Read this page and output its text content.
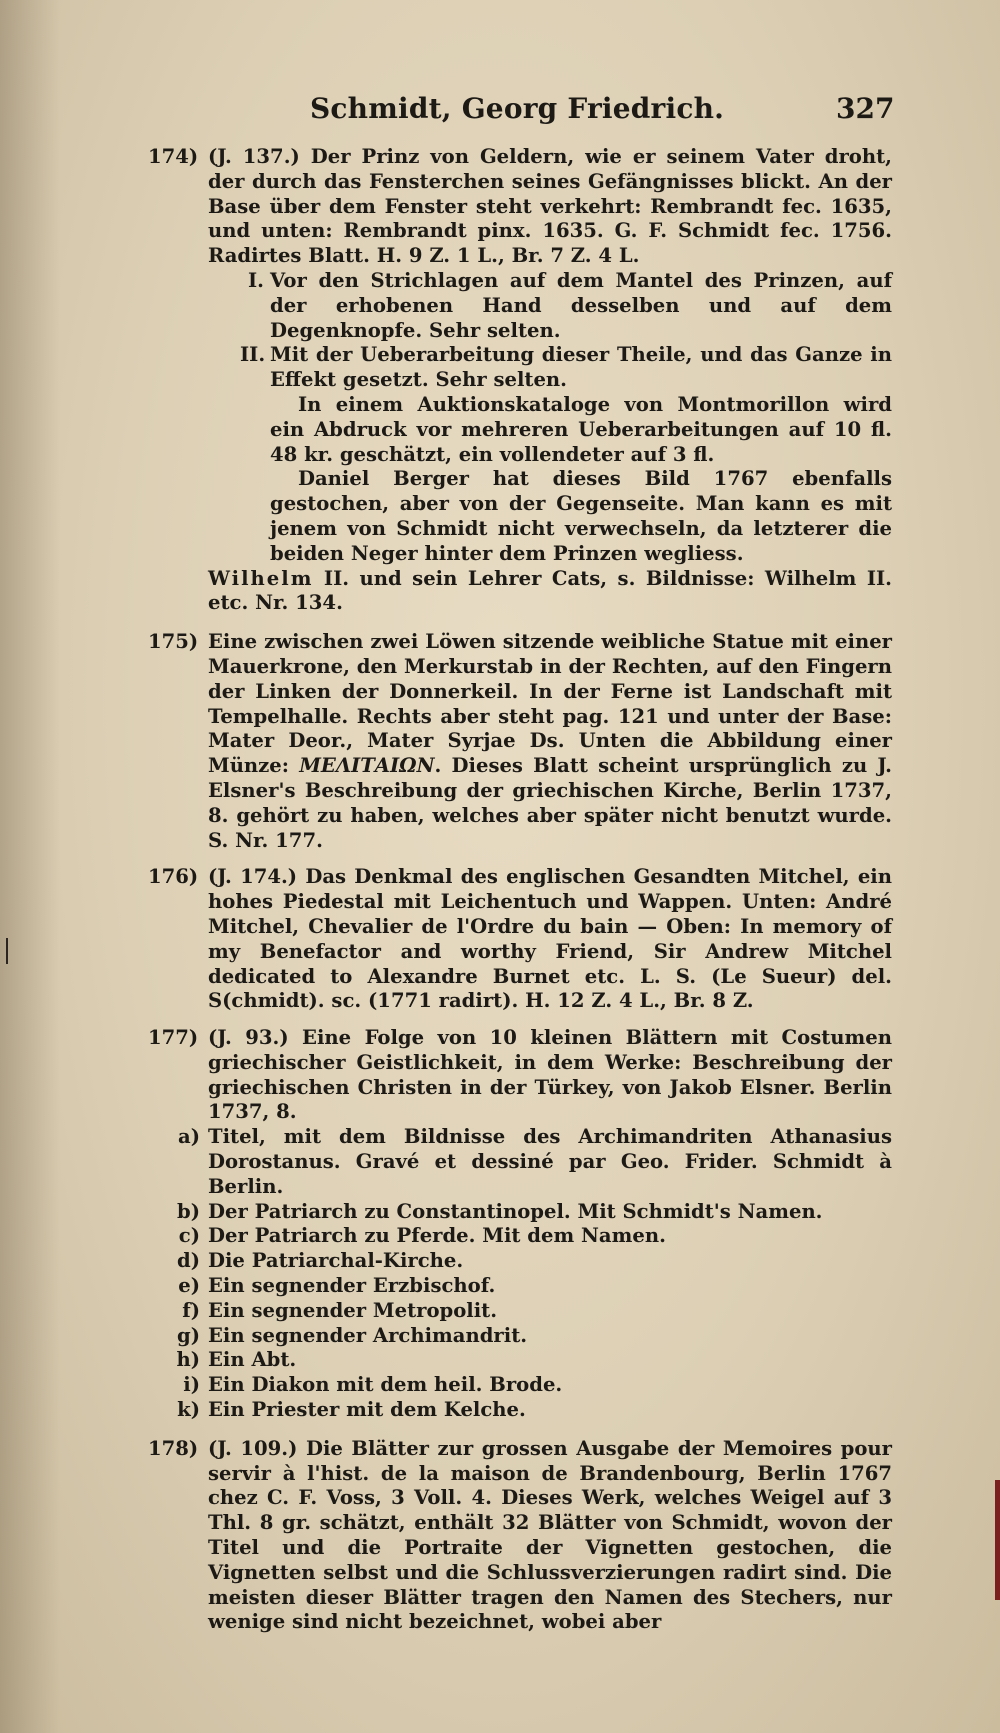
Schmidt, Georg Friedrich.	327
174) (J. 137.) Der Prinz von Geldern, wie er seinem Vater droht, der durch das Fensterchen seines Gefängnisses blickt. An der Base über dem Fenster steht verkehrt: Rembrandt fec. 1635, und unten: Rembrandt pinx. 1635. G. F. Schmidt fec. 1756. Radirtes Blatt. H. 9 Z. 1 L., Br. 7 Z. 4 L.
I. Vor den Strichlagen auf dem Mantel des Prinzen, auf der erhobenen Hand desselben und auf dem Degenknopfe. Sehr selten.
II. Mit der Ueberarbeitung dieser Theile, und das Ganze in Effekt gesetzt. Sehr selten.
In einem Auktionskataloge von Montmorillon wird ein Abdruck vor mehreren Ueberarbeitungen auf 10 fl. 48 kr. geschätzt, ein vollendeter auf 3 fl.
Daniel Berger hat dieses Bild 1767 ebenfalls gestochen, aber von der Gegenseite. Man kann es mit jenem von Schmidt nicht verwechseln, da letzterer die beiden Neger hinter dem Prinzen wegliess.
Wilhelm II. und sein Lehrer Cats, s. Bildnisse: Wilhelm II. etc. Nr. 134.
175) Eine zwischen zwei Löwen sitzende weibliche Statue mit einer Mauerkrone, den Merkurstab in der Rechten, auf den Fingern der Linken der Donnerkeil. In der Ferne ist Landschaft mit Tempelhalle. Rechts aber steht pag. 121 und unter der Base: Mater Deor., Mater Syrjae Ds. Unten die Abbildung einer Münze: ΜΕΛΙΤΑΙΩΝ. Dieses Blatt scheint ursprünglich zu J. Elsner's Beschreibung der griechischen Kirche, Berlin 1737, 8. gehört zu haben, welches aber später nicht benutzt wurde. S. Nr. 177.
176) (J. 174.) Das Denkmal des englischen Gesandten Mitchel, ein hohes Piedestal mit Leichentuch und Wappen. Unten: André Mitchel, Chevalier de l'Ordre du bain — Oben: In memory of my Benefactor and worthy Friend, Sir Andrew Mitchel dedicated to Alexandre Burnet etc. L. S. (Le Sueur) del. S(chmidt). sc. (1771 radirt). H. 12 Z. 4 L., Br. 8 Z.
177) (J. 93.) Eine Folge von 10 kleinen Blättern mit Costumen griechischer Geistlichkeit, in dem Werke: Beschreibung der griechischen Christen in der Türkey, von Jakob Elsner. Berlin 1737, 8.
a) Titel, mit dem Bildnisse des Archimandriten Athanasius Dorostanus. Gravé et dessiné par Geo. Frider. Schmidt à Berlin.
b) Der Patriarch zu Constantinopel. Mit Schmidt's Namen.
c) Der Patriarch zu Pferde. Mit dem Namen.
d) Die Patriarchal-Kirche.
e) Ein segnender Erzbischof.
f) Ein segnender Metropolit.
g) Ein segnender Archimandrit.
h) Ein Abt.
i) Ein Diakon mit dem heil. Brode.
k) Ein Priester mit dem Kelche.
178) (J. 109.) Die Blätter zur grossen Ausgabe der Memoires pour servir à l'hist. de la maison de Brandenbourg, Berlin 1767 chez C. F. Voss, 3 Voll. 4. Dieses Werk, welches Weigel auf 3 Thl. 8 gr. schätzt, enthält 32 Blätter von Schmidt, wovon der Titel und die Portraite der Vignetten gestochen, die Vignetten selbst und die Schlussverzierungen radirt sind. Die meisten dieser Blätter tragen den Namen des Stechers, nur wenige sind nicht bezeichnet, wobei aber
